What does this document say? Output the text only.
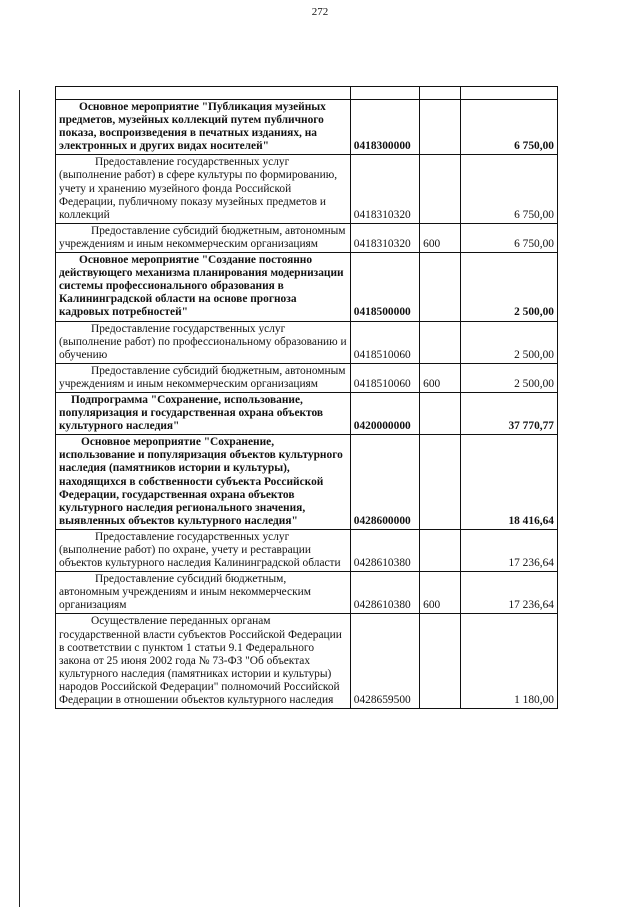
272

Основное мероприятие "Публикация музейных предметов, музейных коллекций путем публичного показа, воспроизведения в печатных изданиях, на электронных и других видах носителей"	0418300000		6 750,00
Предоставление государственных услуг (выполнение работ) в сфере культуры по формированию, учету и хранению музейного фонда Российской Федерации, публичному показу музейных предметов и коллекций	0418310320		6 750,00
Предоставление субсидий бюджетным, автономным учреждениям и иным некоммерческим организациям	0418310320	600	6 750,00
Основное мероприятие "Создание постоянно действующего механизма планирования модернизации системы профессионального образования в Калининградской области на основе прогноза кадровых потребностей"	0418500000		2 500,00
Предоставление государственных услуг (выполнение работ) по профессиональному образованию и обучению	0418510060		2 500,00
Предоставление субсидий бюджетным, автономным учреждениям и иным некоммерческим организациям	0418510060	600	2 500,00
Подпрограмма "Сохранение, использование, популяризация и государственная охрана объектов культурного наследия"	0420000000		37 770,77
Основное мероприятие "Сохранение, использование и популяризация объектов культурного наследия (памятников истории и культуры), находящихся в собственности субъекта Российской Федерации, государственная охрана объектов культурного наследия регионального значения, выявленных объектов культурного наследия"	0428600000		18 416,64
Предоставление государственных услуг (выполнение работ) по охране, учету и реставрации объектов культурного наследия Калининградской области	0428610380		17 236,64
Предоставление субсидий бюджетным, автономным учреждениям и иным некоммерческим организациям	0428610380	600	17 236,64
Осуществление переданных органам государственной власти субъектов Российской Федерации в соответствии с пунктом 1 статьи 9.1 Федерального закона от 25 июня 2002 года № 73-ФЗ "Об объектах культурного наследия (памятниках истории и культуры) народов Российской Федерации" полномочий Российской Федерации в отношении объектов культурного наследия	0428659500		1 180,00
